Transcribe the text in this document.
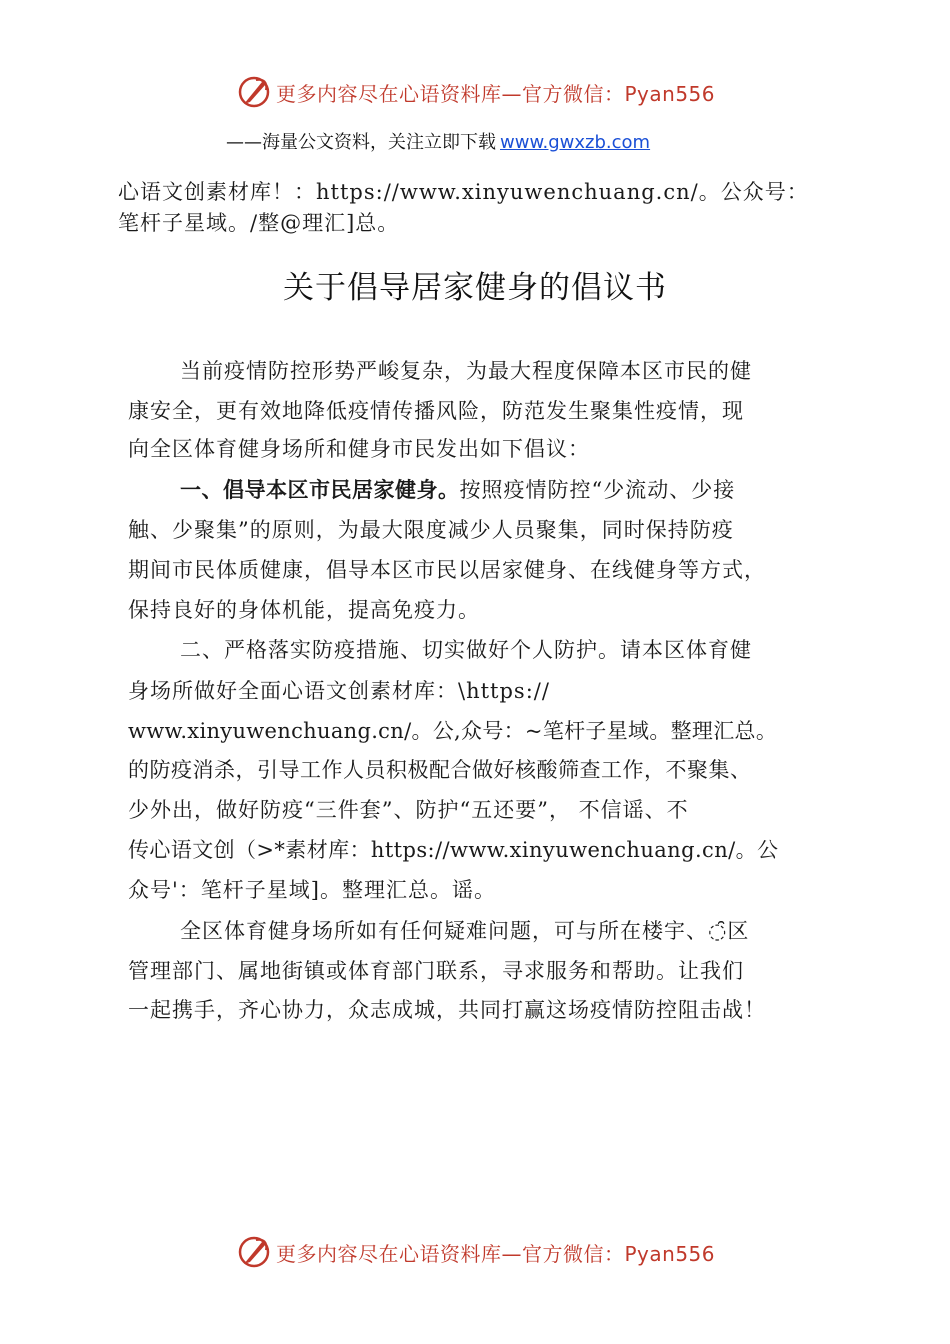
更多内容尽在心语资料库—官方微信：Pyan556
——海量公文资料，关注立即下载 www.gwxzb.com
心语文创素材库！：https://www.xinyuwenchuang.cn/。公众号：
笔杆子星域。/整@理汇]总。
关于倡导居家健身的倡议书
当前疫情防控形势严峻复杂，为最大程度保障本区市民的健
康安全，更有效地降低疫情传播风险，防范发生聚集性疫情，现
向全区体育健身场所和健身市民发出如下倡议：
一、倡导本区市民居家健身。按照疫情防控“少流动、少接
触、少聚集”的原则，为最大限度减少人员聚集，同时保持防疫
期间市民体质健康，倡导本区市民以居家健身、在线健身等方式，
保持良好的身体机能，提高免疫力。
二、严格落实防疫措施、切实做好个人防护。请本区体育健
身场所做好全面心语文创素材库：\https://
www.xinyuwenchuang.cn/。公,众号：~笔杆子星域。整理汇总。
的防疫消杀，引导工作人员积极配合做好核酸筛查工作，不聚集、
少外出，做好防疫“三件套”、防护“五还要”， 不信谣、不
传心语文创（>*素材库：https://www.xinyuwenchuang.cn/。公
众号'：笔杆子星域]。整理汇总。谣。
全区体育健身场所如有任何疑难问题，可与所在楼宇、◌̑区
管理部门、属地街镇或体育部门联系，寻求服务和帮助。让我们
一起携手，齐心协力，众志成城，共同打赢这场疫情防控阻击战！
更多内容尽在心语资料库—官方微信：Pyan556
